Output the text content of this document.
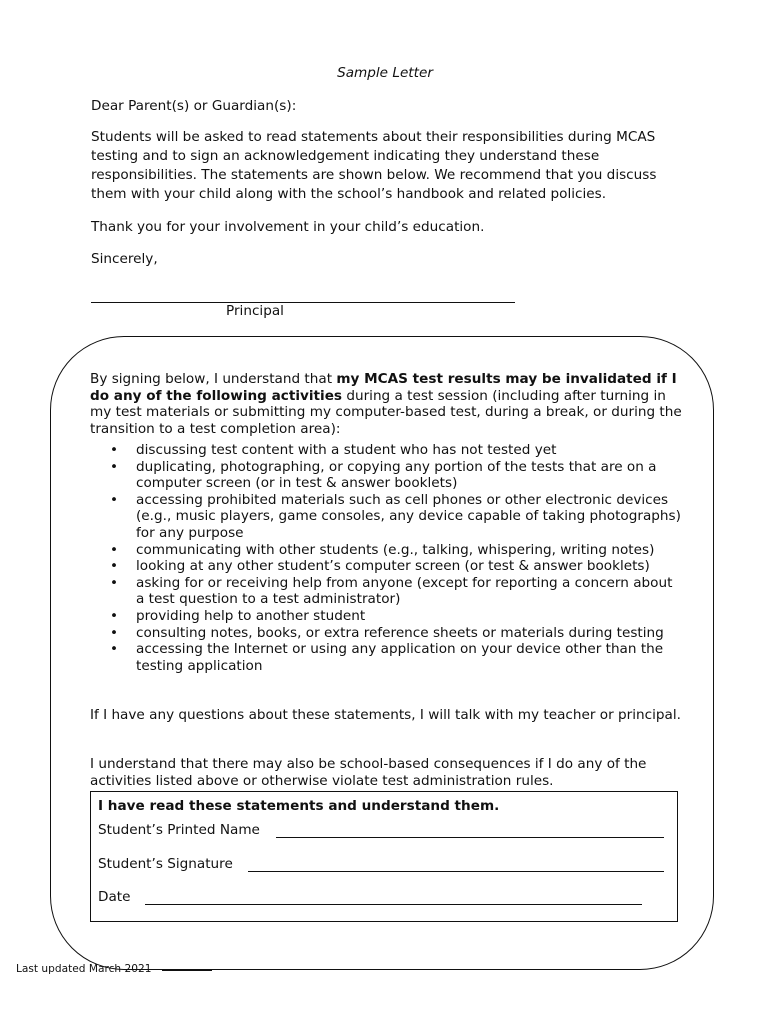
Sample Letter
Dear Parent(s) or Guardian(s):

Students will be asked to read statements about their responsibilities during MCAS testing and to sign an acknowledgement indicating they understand these responsibilities. The statements are shown below. We recommend that you discuss them with your child along with the school’s handbook and related policies.

Thank you for your involvement in your child’s education.
Sincerely,
Principal
By signing below, I understand that my MCAS test results may be invalidated if I do any of the following activities during a test session (including after turning in my test materials or submitting my computer-based test, during a break, or during the transition to a test completion area):
• discussing test content with a student who has not tested yet
• duplicating, photographing, or copying any portion of the tests that are on a computer screen (or in test & answer booklets)
• accessing prohibited materials such as cell phones or other electronic devices (e.g., music players, game consoles, any device capable of taking photographs) for any purpose
• communicating with other students (e.g., talking, whispering, writing notes)
• looking at any other student’s computer screen (or test & answer booklets)
• asking for or receiving help from anyone (except for reporting a concern about a test question to a test administrator)
• providing help to another student
• consulting notes, books, or extra reference sheets or materials during testing
• accessing the Internet or using any application on your device other than the testing application
If I have any questions about these statements, I will talk with my teacher or principal.
I understand that there may also be school-based consequences if I do any of the activities listed above or otherwise violate test administration rules.
I have read these statements and understand them.
Student’s Printed Name
Student’s Signature
Date
Last updated March 2021
